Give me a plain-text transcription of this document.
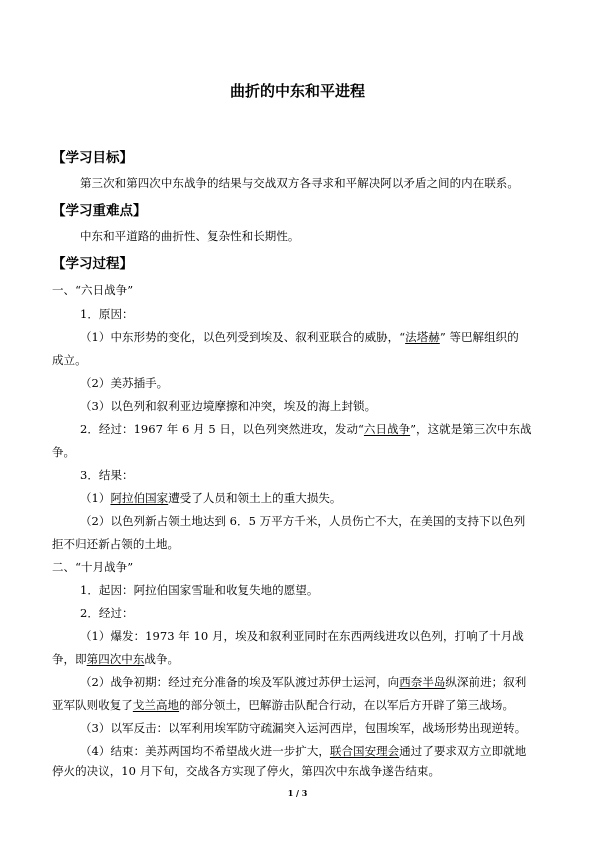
曲折的中东和平进程
【学习目标】
第三次和第四次中东战争的结果与交战双方各寻求和平解决阿以矛盾之间的内在联系。
【学习重难点】
中东和平道路的曲折性、复杂性和长期性。
【学习过程】
一、“六日战争”
1．原因：
（1）中东形势的变化，以色列受到埃及、叙利亚联合的威胁，“法塔赫” 等巴解组织的
成立。
（2）美苏插手。
（3）以色列和叙利亚边境摩擦和冲突，埃及的海上封锁。
2．经过：1967 年 6 月 5 日，以色列突然进攻，发动“六日战争”，这就是第三次中东战
争。
3．结果：
（1）阿拉伯国家遭受了人员和领土上的重大损失。
（2）以色列新占领土地达到 6．5 万平方千米，人员伤亡不大，在美国的支持下以色列
拒不归还新占领的土地。
二、“十月战争”
1．起因：阿拉伯国家雪耻和收复失地的愿望。
2．经过：
（1）爆发：1973 年 10 月，埃及和叙利亚同时在东西两线进攻以色列，打响了十月战
争，即第四次中东战争。
（2）战争初期：经过充分准备的埃及军队渡过苏伊士运河，向西奈半岛纵深前进；叙利
亚军队则收复了戈兰高地的部分领土，巴解游击队配合行动，在以军后方开辟了第三战场。
（3）以军反击：以军利用埃军防守疏漏突入运河西岸，包围埃军，战场形势出现逆转。
（4）结束：美苏两国均不希望战火进一步扩大，联合国安理会通过了要求双方立即就地
停火的决议，10 月下旬，交战各方实现了停火，第四次中东战争遂告结束。
1 / 3
